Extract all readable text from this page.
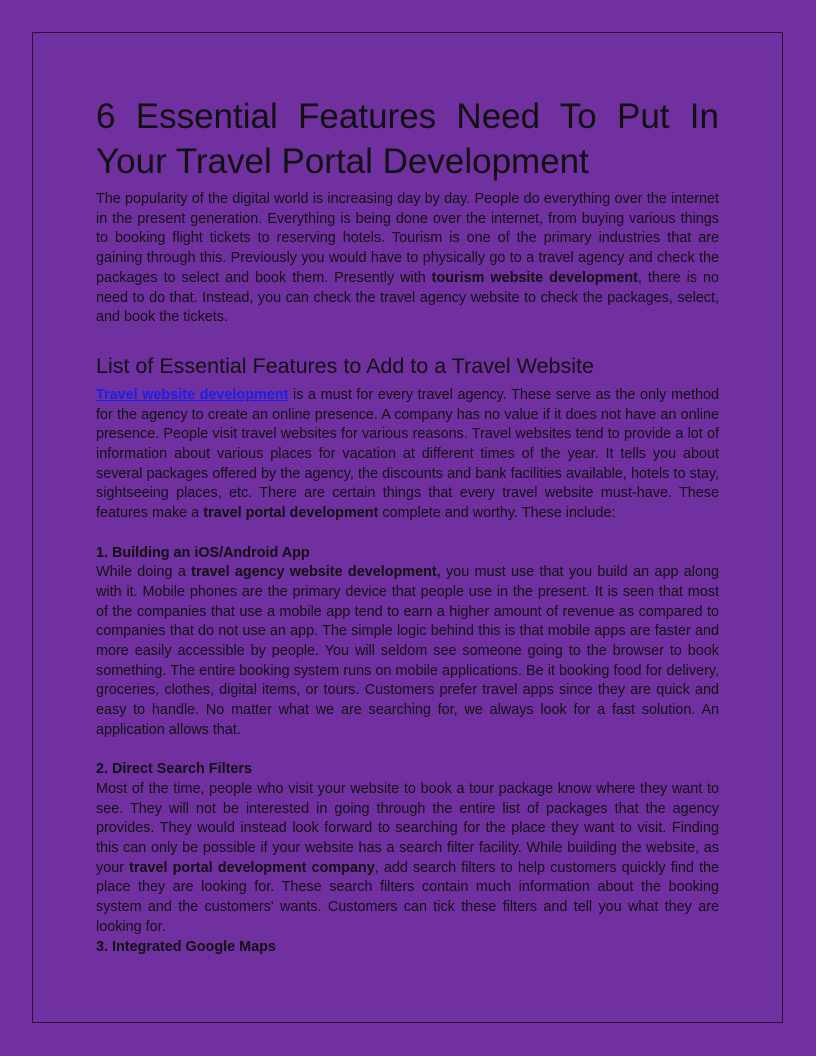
6 Essential Features Need To Put In Your Travel Portal Development

The popularity of the digital world is increasing day by day. People do everything over the internet in the present generation. Everything is being done over the internet, from buying various things to booking flight tickets to reserving hotels. Tourism is one of the primary industries that are gaining through this. Previously you would have to physically go to a travel agency and check the packages to select and book them. Presently with tourism website development, there is no need to do that. Instead, you can check the travel agency website to check the packages, select, and book the tickets.

List of Essential Features to Add to a Travel Website

Travel website development is a must for every travel agency. These serve as the only method for the agency to create an online presence. A company has no value if it does not have an online presence. People visit travel websites for various reasons. Travel websites tend to provide a lot of information about various places for vacation at different times of the year. It tells you about several packages offered by the agency, the discounts and bank facilities available, hotels to stay, sightseeing places, etc. There are certain things that every travel website must-have. These features make a travel portal development complete and worthy. These include:

1. Building an iOS/Android App

While doing a travel agency website development, you must use that you build an app along with it. Mobile phones are the primary device that people use in the present. It is seen that most of the companies that use a mobile app tend to earn a higher amount of revenue as compared to companies that do not use an app. The simple logic behind this is that mobile apps are faster and more easily accessible by people. You will seldom see someone going to the browser to book something. The entire booking system runs on mobile applications. Be it booking food for delivery, groceries, clothes, digital items, or tours. Customers prefer travel apps since they are quick and easy to handle. No matter what we are searching for, we always look for a fast solution. An application allows that.

2. Direct Search Filters

Most of the time, people who visit your website to book a tour package know where they want to see. They will not be interested in going through the entire list of packages that the agency provides. They would instead look forward to searching for the place they want to visit. Finding this can only be possible if your website has a search filter facility. While building the website, as your travel portal development company, add search filters to help customers quickly find the place they are looking for. These search filters contain much information about the booking system and the customers' wants. Customers can tick these filters and tell you what they are looking for.

3. Integrated Google Maps
